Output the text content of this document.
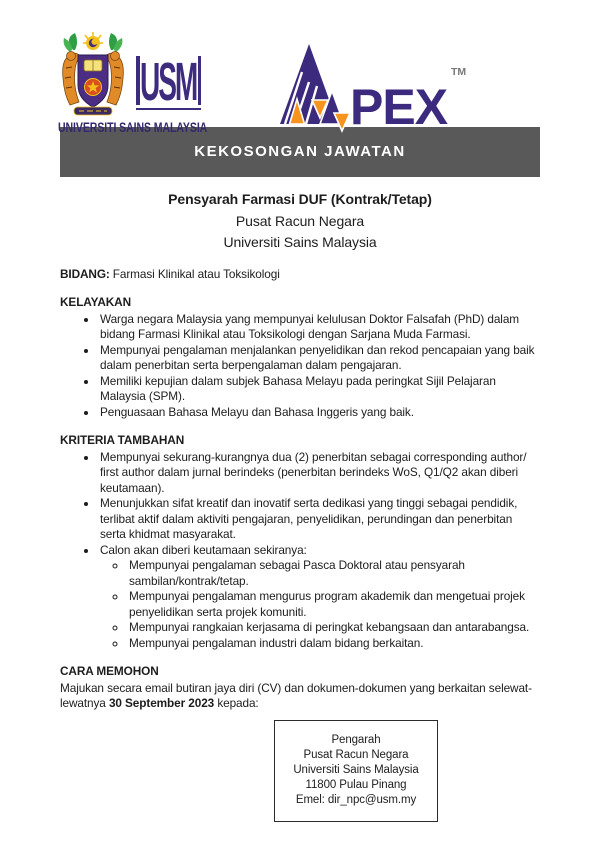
USM
UNIVERSITI SAINS MALAYSIA	PEX
TM
KEKOSONGAN JAWATAN
Pensyarah Farmasi DUF (Kontrak/Tetap)
Pusat Racun Negara
Universiti Sains Malaysia
BIDANG: Farmasi Klinikal atau Toksikologi
KELAYAKAN
• Warga negara Malaysia yang mempunyai kelulusan Doktor Falsafah (PhD) dalam bidang Farmasi Klinikal atau Toksikologi dengan Sarjana Muda Farmasi.
• Mempunyai pengalaman menjalankan penyelidikan dan rekod pencapaian yang baik dalam penerbitan serta berpengalaman dalam pengajaran.
• Memiliki kepujian dalam subjek Bahasa Melayu pada peringkat Sijil Pelajaran Malaysia (SPM).
• Penguasaan Bahasa Melayu dan Bahasa Inggeris yang baik.
KRITERIA TAMBAHAN
• Mempunyai sekurang-kurangnya dua (2) penerbitan sebagai corresponding author/ first author dalam jurnal berindeks (penerbitan berindeks WoS, Q1/Q2 akan diberi keutamaan).
• Menunjukkan sifat kreatif dan inovatif serta dedikasi yang tinggi sebagai pendidik, terlibat aktif dalam aktiviti pengajaran, penyelidikan, perundingan dan penerbitan serta khidmat masyarakat.
• Calon akan diberi keutamaan sekiranya:
◦ Mempunyai pengalaman sebagai Pasca Doktoral atau pensyarah sambilan/kontrak/tetap.
◦ Mempunyai pengalaman mengurus program akademik dan mengetuai projek penyelidikan serta projek komuniti.
◦ Mempunyai rangkaian kerjasama di peringkat kebangsaan dan antarabangsa.
◦ Mempunyai pengalaman industri dalam bidang berkaitan.
CARA MEMOHON
Majukan secara email butiran jaya diri (CV) dan dokumen-dokumen yang berkaitan selewat-lewatnya 30 September 2023 kepada:
Pengarah
Pusat Racun Negara
Universiti Sains Malaysia
11800 Pulau Pinang
Emel: dir_npc@usm.my
